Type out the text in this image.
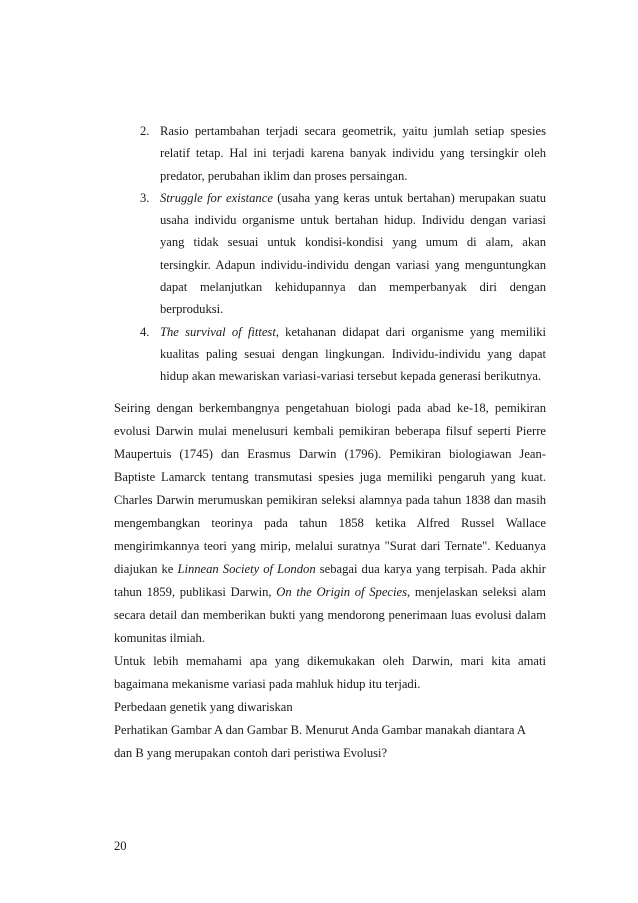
2. Rasio pertambahan terjadi secara geometrik, yaitu jumlah setiap spesies relatif tetap. Hal ini terjadi karena banyak individu yang tersingkir oleh predator, perubahan iklim dan proses persaingan.
3. Struggle for existance (usaha yang keras untuk bertahan) merupakan suatu usaha individu organisme untuk bertahan hidup. Individu dengan variasi yang tidak sesuai untuk kondisi-kondisi yang umum di alam, akan tersingkir. Adapun individu-individu dengan variasi yang menguntungkan dapat melanjutkan kehidupannya dan memperbanyak diri dengan berproduksi.
4. The survival of fittest, ketahanan didapat dari organisme yang memiliki kualitas paling sesuai dengan lingkungan. Individu-individu yang dapat hidup akan mewariskan variasi-variasi tersebut kepada generasi berikutnya.

Seiring dengan berkembangnya pengetahuan biologi pada abad ke-18, pemikiran evolusi Darwin mulai menelusuri kembali pemikiran beberapa filsuf seperti Pierre Maupertuis (1745) dan Erasmus Darwin (1796). Pemikiran biologiawan Jean-Baptiste Lamarck tentang transmutasi spesies juga memiliki pengaruh yang kuat. Charles Darwin merumuskan pemikiran seleksi alamnya pada tahun 1838 dan masih mengembangkan teorinya pada tahun 1858 ketika Alfred Russel Wallace mengirimkannya teori yang mirip, melalui suratnya "Surat dari Ternate". Keduanya diajukan ke Linnean Society of London sebagai dua karya yang terpisah. Pada akhir tahun 1859, publikasi Darwin, On the Origin of Species, menjelaskan seleksi alam secara detail dan memberikan bukti yang mendorong penerimaan luas evolusi dalam komunitas ilmiah.

Untuk lebih memahami apa yang dikemukakan oleh Darwin, mari kita amati bagaimana mekanisme variasi pada mahluk hidup itu terjadi.

Perbedaan genetik yang diwariskan

Perhatikan Gambar A dan Gambar B. Menurut Anda Gambar manakah diantara A dan B yang merupakan contoh dari peristiwa Evolusi?

20
